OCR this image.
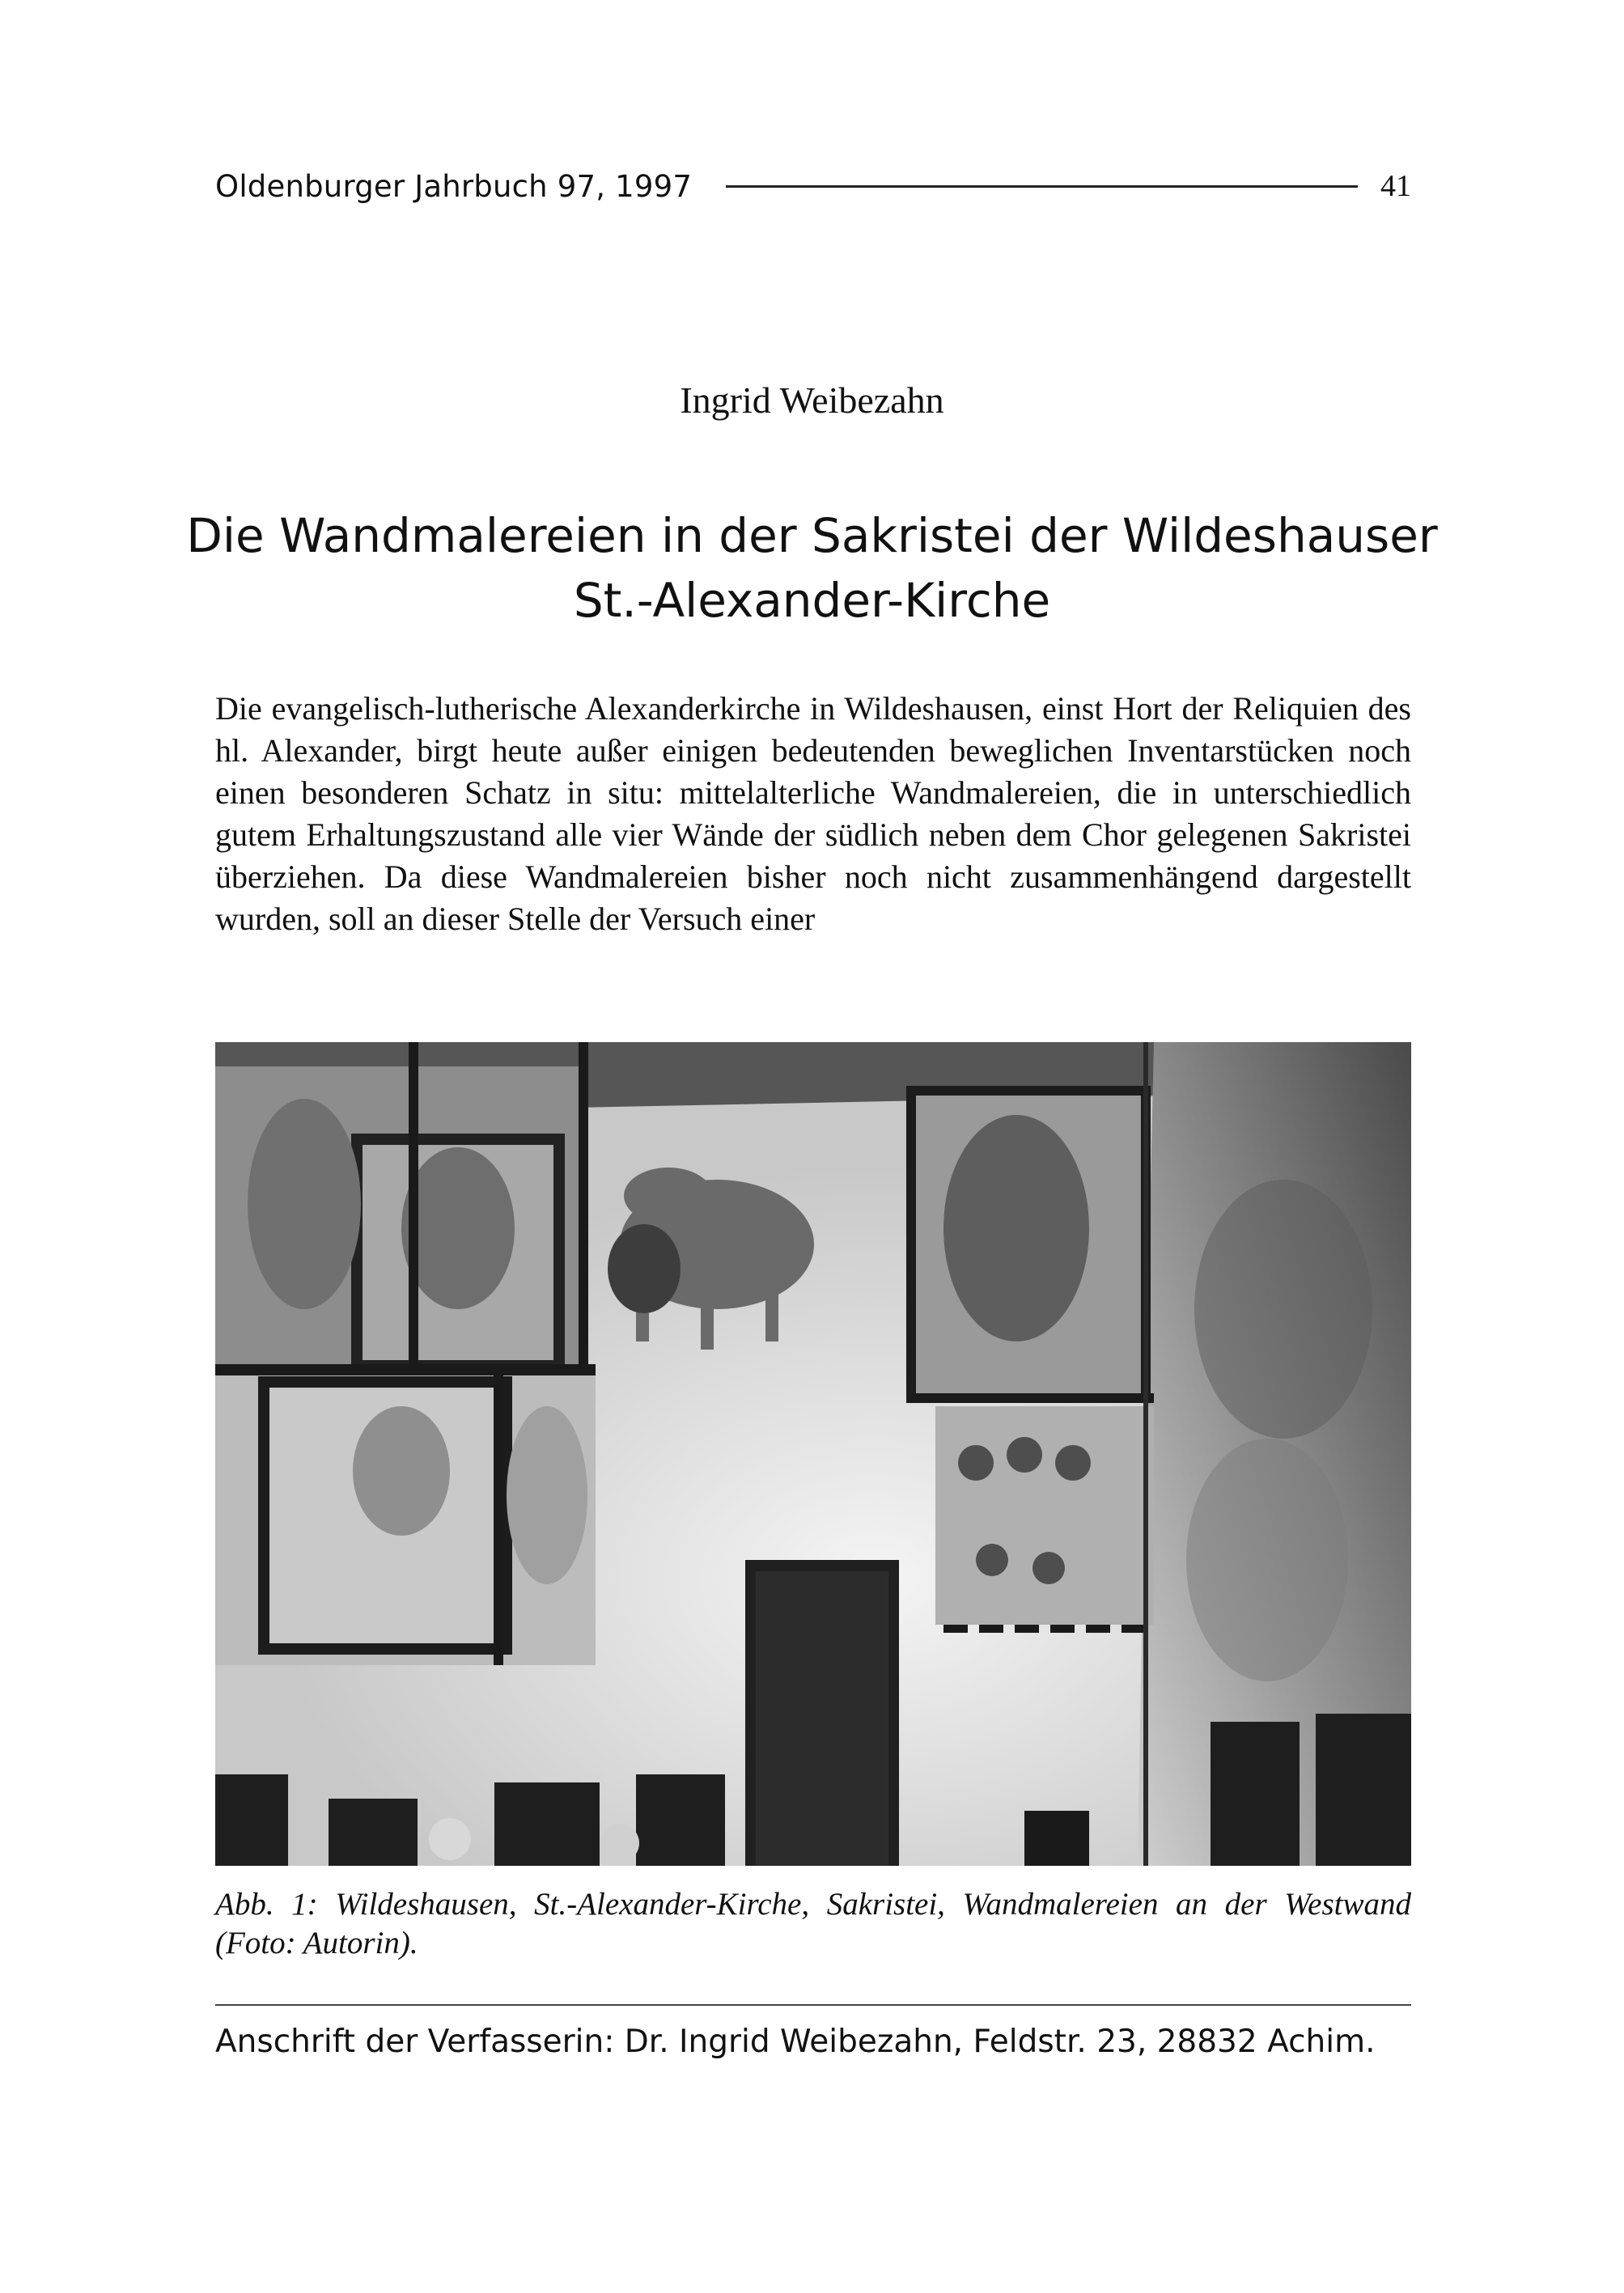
Oldenburger Jahrbuch 97, 1997	41
Ingrid Weibezahn
Die Wandmalereien in der Sakristei der Wildeshauser
St.-Alexander-Kirche

Die evangelisch-lutherische Alexanderkirche in Wildeshausen, einst Hort der Reliquien des hl. Alexander, birgt heute außer einigen bedeutenden beweglichen Inventarstücken noch einen besonderen Schatz in situ: mittelalterliche Wandmalereien, die in unterschiedlich gutem Erhaltungszustand alle vier Wände der südlich neben dem Chor gelegenen Sakristei überziehen. Da diese Wandmalereien bisher noch nicht zusammenhängend dargestellt wurden, soll an dieser Stelle der Versuch einer

Abb. 1: Wildeshausen, St.-Alexander-Kirche, Sakristei, Wandmalereien an der Westwand (Foto: Autorin).

Anschrift der Verfasserin: Dr. Ingrid Weibezahn, Feldstr. 23, 28832 Achim.
